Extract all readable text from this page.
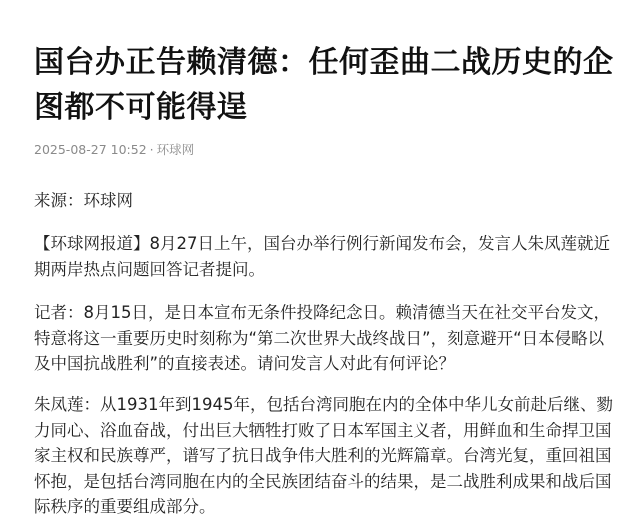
国台办正告赖清德：任何歪曲二战历史的企图都不可能得逞
2025-08-27 10:52 · 环球网

来源：环球网

【环球网报道】8月27日上午，国台办举行例行新闻发布会，发言人朱凤莲就近期两岸热点问题回答记者提问。

记者：8月15日，是日本宣布无条件投降纪念日。赖清德当天在社交平台发文，特意将这一重要历史时刻称为“第二次世界大战终战日”，刻意避开“日本侵略以及中国抗战胜利”的直接表述。请问发言人对此有何评论？

朱凤莲：从1931年到1945年，包括台湾同胞在内的全体中华儿女前赴后继、勠力同心、浴血奋战，付出巨大牺牲打败了日本军国主义者，用鲜血和生命捍卫国家主权和民族尊严，谱写了抗日战争伟大胜利的光辉篇章。台湾光复，重回祖国怀抱，是包括台湾同胞在内的全民族团结奋斗的结果，是二战胜利成果和战后国际秩序的重要组成部分。
